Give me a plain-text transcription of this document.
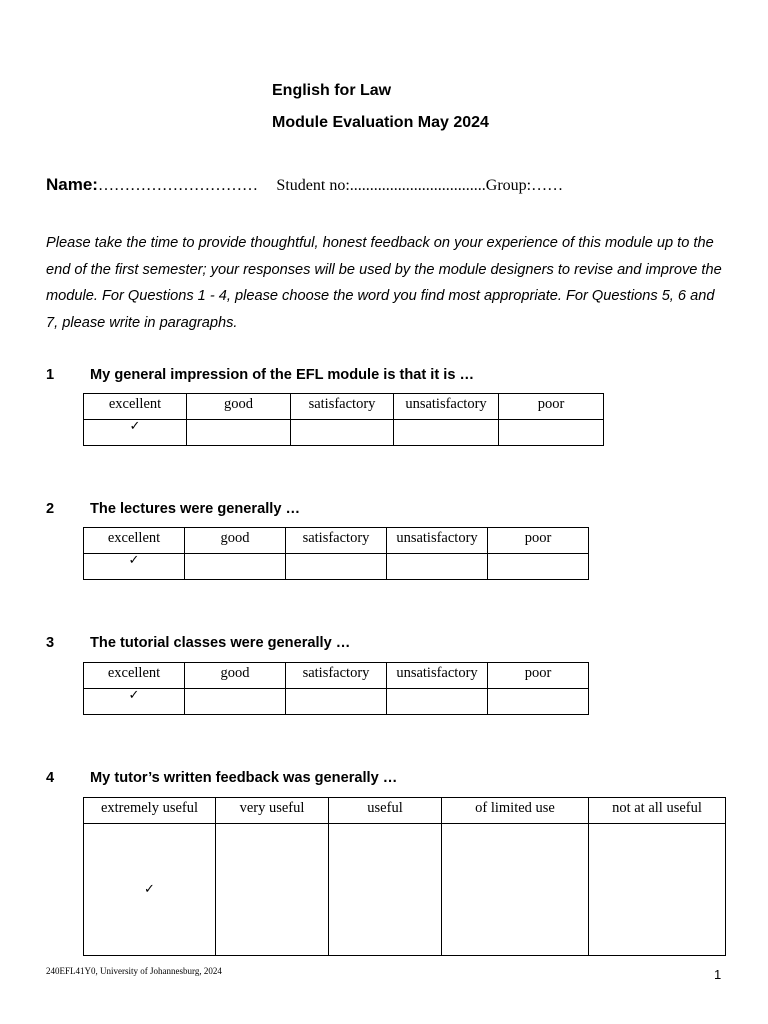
English for Law
Module Evaluation May 2024
Name:………………………… Student no:..................................Group:……

Please take the time to provide thoughtful, honest feedback on your experience of this module up to the end of the first semester; your responses will be used by the module designers to revise and improve the module. For Questions 1 - 4, please choose the word you find most appropriate. For Questions 5, 6 and 7, please write in paragraphs.

1 My general impression of the EFL module is that it is …
excellent	good	satisfactory	unsatisfactory	poor
✓				
2 The lectures were generally …
excellent	good	satisfactory	unsatisfactory	poor
✓				
3 The tutorial classes were generally …
excellent	good	satisfactory	unsatisfactory	poor
✓				
4 My tutor’s written feedback was generally …
extremely useful	very useful	useful	of limited use	not at all useful
✓				
240EFL41Y0, University of Johannesburg, 2024	1
